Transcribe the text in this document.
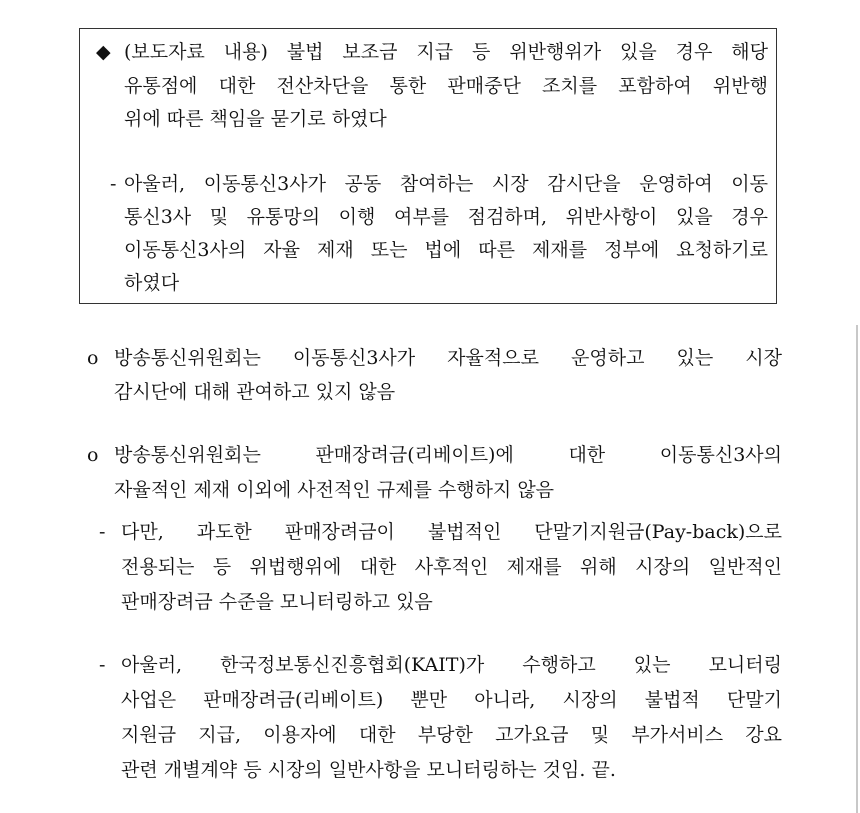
◆ (보도자료 내용) 불법 보조금 지급 등 위반행위가 있을 경우 해당
유통점에 대한 전산차단을 통한 판매중단 조치를 포함하여 위반행
위에 따른 책임을 묻기로 하였다
- 아울러, 이동통신3사가 공동 참여하는 시장 감시단을 운영하여 이동
통신3사 및 유통망의 이행 여부를 점검하며, 위반사항이 있을 경우
이동통신3사의 자율 제재 또는 법에 따른 제재를 정부에 요청하기로
하였다
o 방송통신위원회는 이동통신3사가 자율적으로 운영하고 있는 시장
감시단에 대해 관여하고 있지 않음
o 방송통신위원회는 판매장려금(리베이트)에 대한 이동통신3사의
자율적인 제재 이외에 사전적인 규제를 수행하지 않음
- 다만, 과도한 판매장려금이 불법적인 단말기지원금(Pay-back)으로
전용되는 등 위법행위에 대한 사후적인 제재를 위해 시장의 일반적인
판매장려금 수준을 모니터링하고 있음
- 아울러, 한국정보통신진흥협회(KAIT)가 수행하고 있는 모니터링
사업은 판매장려금(리베이트) 뿐만 아니라, 시장의 불법적 단말기
지원금 지급, 이용자에 대한 부당한 고가요금 및 부가서비스 강요
관련 개별계약 등 시장의 일반사항을 모니터링하는 것임. 끝.
